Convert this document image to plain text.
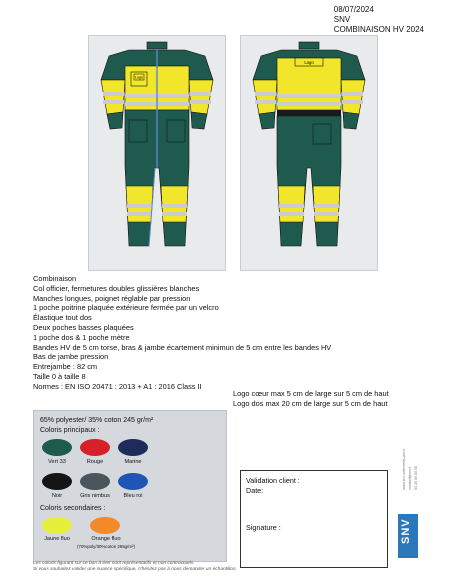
08/07/2024
SNV
COMBINAISON HV 2024
Logo
Logo
Combinaison
Col officier, fermetures doubles glissières blanches
Manches longues, poignet réglable par pression
1 poche poitrine plaquée extérieure fermée par un velcro
Élastique tout dos
Deux poches basses plaquées
1 poche dos & 1 poche mètre
Bandes HV de 5 cm torse, bras & jambe écartement minimun de 5 cm entre les bandes HV
Bas de jambe pression
Entrejambe : 82 cm
Taille 0 à taille 8
Normes : EN ISO 20471 : 2013 + A1 : 2016 Class II
Logo cœur max 5 cm de large sur 5 cm de haut
Logo dos max 20 cm de large sur 5 cm de haut
65% polyester/ 35% coton 245 gr/m²
Coloris principaux :
Vert 33	Rouge	Marine
Noir	Gris nimbus	Bleu roi
Coloris secondaires :
Jaune fluo	Orange fluo
(70%poly/30%coton 265g/m²)
Les coloris figurant sur ce bon à tirer sont représentatifs et non contractuels.
Si vous souhaitez valider une nuance spécifique, n'hésitez pas à nous demander un échantillon.
Validation client :
Date:
Signature :
www.snv-vetements-pro.fr contact@snv.fr 03 20 00 00 00
SNV
